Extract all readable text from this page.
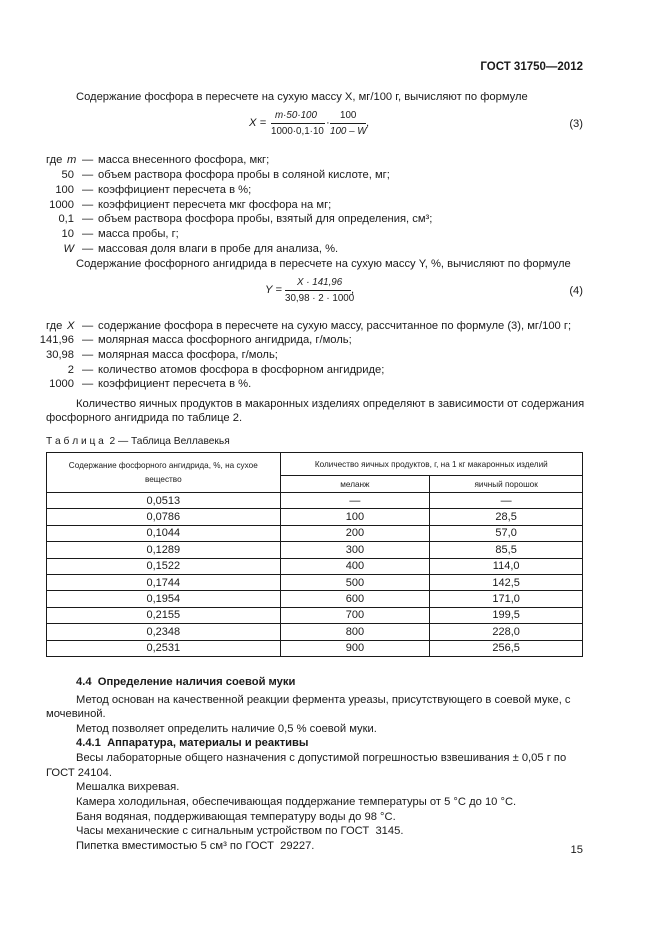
ГОСТ 31750—2012
Содержание фосфора в пересчете на сухую массу X, мг/100 г, вычисляют по формуле
X =
m·50·100
1000·0,1·10
·
100
100 – W
,	(3)
где m — масса внесенного фосфора, мкг;
50 — объем раствора фосфора пробы в соляной кислоте, мг;
100 — коэффициент пересчета в %;
1000 — коэффициент пересчета мкг фосфора на мг;
0,1 — объем раствора фосфора пробы, взятый для определения, см³;
10 — масса пробы, г;
W — массовая доля влаги в пробе для анализа, %.
Содержание фосфорного ангидрида в пересчете на сухую массу Y, %, вычисляют по формуле
Y =
X · 141,96
30,98 · 2 · 1000
,	(4)
где X — содержание фосфора в пересчете на сухую массу, рассчитанное по формуле (3), мг/100 г;
141,96 — молярная масса фосфорного ангидрида, г/моль;
30,98 — молярная масса фосфора, г/моль;
2 — количество атомов фосфора в фосфорном ангидриде;
1000 — коэффициент пересчета в %.
Количество яичных продуктов в макаронных изделиях определяют в зависимости от содержания
фосфорного ангидрида по таблице 2.
Т а б л и ц а  2 — Таблица Веллавекья
Содержание фосфорного ангидрида, %, на сухое вещество	Количество яичных продуктов, г, на 1 кг макаронных изделий	
	меланж	яичный порошок
0,0513	—	—
0,0786	100	28,5
0,1044	200	57,0
0,1289	300	85,5
0,1522	400	114,0
0,1744	500	142,5
0,1954	600	171,0
0,2155	700	199,5
0,2348	800	228,0
0,2531	900	256,5
4.4  Определение наличия соевой муки
Метод основан на качественной реакции фермента уреазы, присутствующего в соевой муке, с
мочевиной.
Метод позволяет определить наличие 0,5 % соевой муки.
4.4.1  Аппаратура, материалы и реактивы
Весы лабораторные общего назначения с допустимой погрешностью взвешивания ± 0,05 г по
ГОСТ 24104.
Мешалка вихревая.
Камера холодильная, обеспечивающая поддержание температуры от 5 °С до 10 °С.
Баня водяная, поддерживающая температуру воды до 98 °С.
Часы механические с сигнальным устройством по ГОСТ  3145.
Пипетка вместимостью 5 см³ по ГОСТ  29227.	15
